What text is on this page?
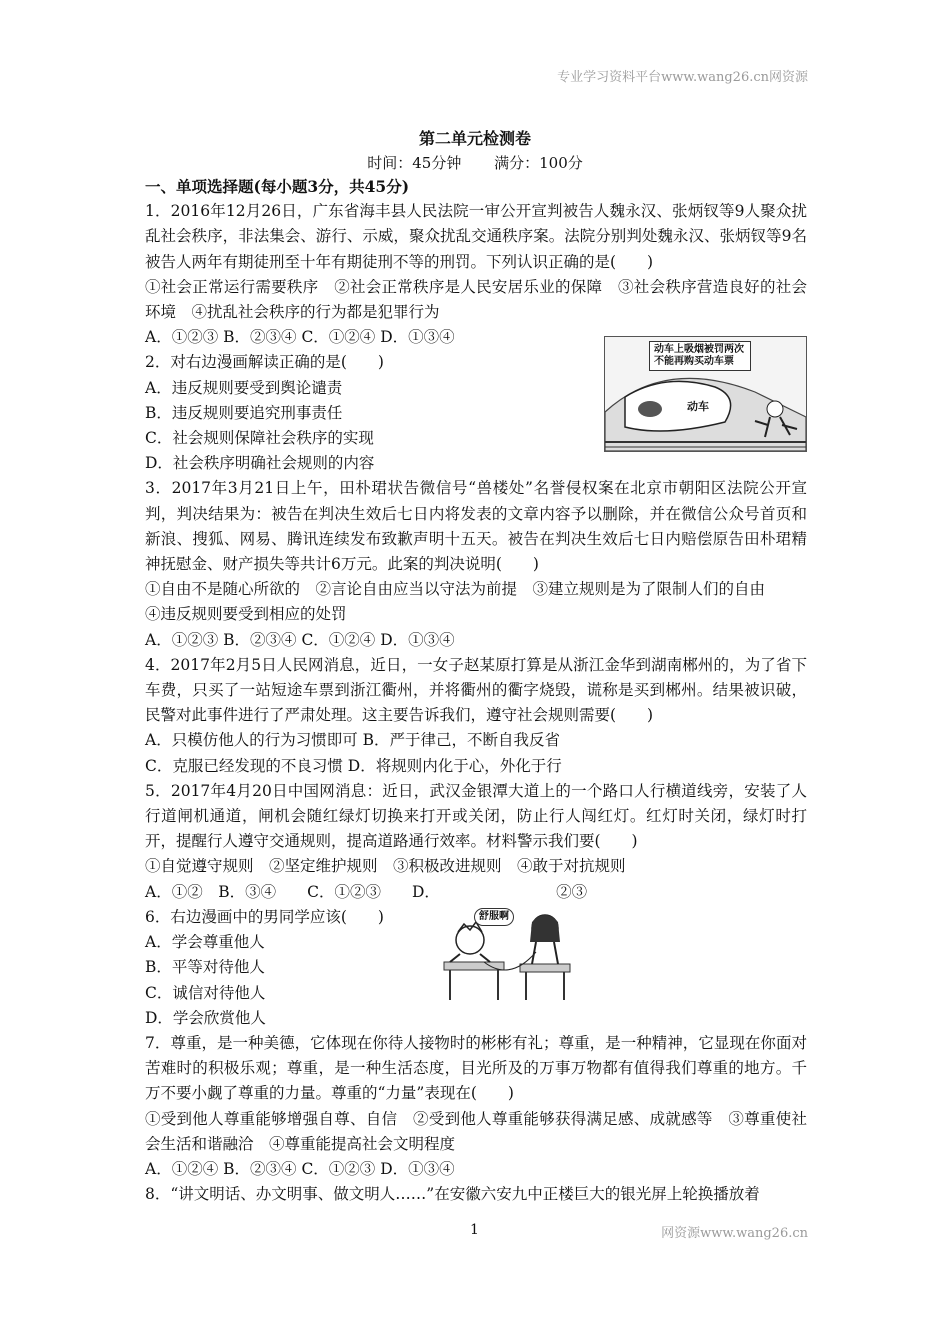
专业学习资料平台www.wang26.cn网资源
第二单元检测卷
时间：45分钟 满分：100分

一、单项选择题(每小题3分，共45分)

1．2016年12月26日，广东省海丰县人民法院一审公开宣判被告人魏永汉、张炳钗等9人聚众扰乱社会秩序，非法集会、游行、示威，聚众扰乱交通秩序案。法院分别判处魏永汉、张炳钗等9名被告人两年有期徒刑至十年有期徒刑不等的刑罚。下列认识正确的是(　　)

①社会正常运行需要秩序　②社会正常秩序是人民安居乐业的保障　③社会秩序营造良好的社会环境　④扰乱社会秩序的行为都是犯罪行为

A．①②③ B．②③④ C．①②④ D．①③④

2．对右边漫画解读正确的是(　　)

A．违反规则要受到舆论谴责

B．违反规则要追究刑事责任

C．社会规则保障社会秩序的实现

D．社会秩序明确社会规则的内容

3．2017年3月21日上午，田朴珺状告微信号“兽楼处”名誉侵权案在北京市朝阳区法院公开宣判，判决结果为：被告在判决生效后七日内将发表的文章内容予以删除，并在微信公众号首页和新浪、搜狐、网易、腾讯连续发布致歉声明十五天。被告在判决生效后七日内赔偿原告田朴珺精神抚慰金、财产损失等共计6万元。此案的判决说明(　　)

①自由不是随心所欲的　②言论自由应当以守法为前提　③建立规则是为了限制人们的自由

④违反规则要受到相应的处罚

A．①②③ B．②③④ C．①②④ D．①③④

4．2017年2月5日人民网消息，近日，一女子赵某原打算是从浙江金华到湖南郴州的，为了省下车费，只买了一站短途车票到浙江衢州，并将衢州的衢字烧毁，谎称是买到郴州。结果被识破，民警对此事件进行了严肃处理。这主要告诉我们，遵守社会规则需要(　　)

A．只模仿他人的行为习惯即可 B．严于律己，不断自我反省

C．克服已经发现的不良习惯 D．将规则内化于心，外化于行

5．2017年4月20日中国网消息：近日，武汉金银潭大道上的一个路口人行横道线旁，安装了人行道闸机通道，闸机会随红绿灯切换来打开或关闭，防止行人闯红灯。红灯时关闭，绿灯时打开，提醒行人遵守交通规则，提高道路通行效率。材料警示我们要(　　)

①自觉遵守规则　②坚定维护规则　③积极改进规则　④敢于对抗规则

A．①②　B．③④　　C．①②③　　D．　　　　　　　　②③

6．右边漫画中的男同学应该(　　)

A．学会尊重他人

B．平等对待他人

C．诚信对待他人

D．学会欣赏他人

7．尊重，是一种美德，它体现在你待人接物时的彬彬有礼；尊重，是一种精神，它显现在你面对苦难时的积极乐观；尊重，是一种生活态度，目光所及的万事万物都有值得我们尊重的地方。千万不要小觑了尊重的力量。尊重的“力量”表现在(　　)

①受到他人尊重能够增强自尊、自信　②受到他人尊重能够获得满足感、成就感等　③尊重使社会生活和谐融洽　④尊重能提高社会文明程度

A．①②④ B．②③④ C．①②③ D．①③④

8．“讲文明话、办文明事、做文明人……”在安徽六安九中正楼巨大的银光屏上轮换播放着

动车上吸烟被罚两次不能再购买动车票
动车
舒服啊
1	网资源www.wang26.cn
